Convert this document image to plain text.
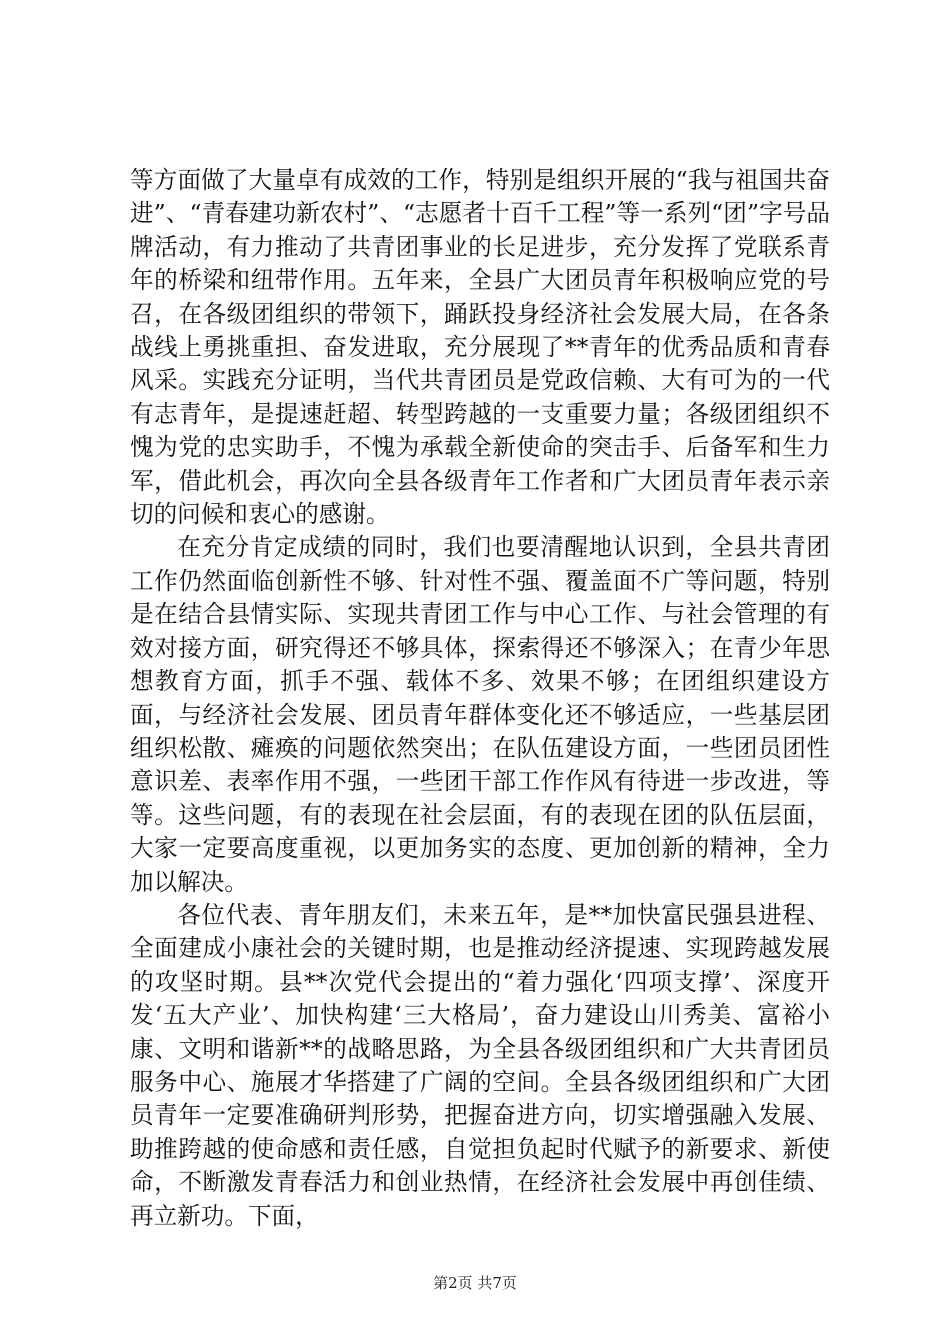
等方面做了大量卓有成效的工作，特别是组织开展的“我与祖国共奋进”、“青春建功新农村”、“志愿者十百千工程”等一系列“团”字号品牌活动，有力推动了共青团事业的长足进步，充分发挥了党联系青年的桥梁和纽带作用。五年来，全县广大团员青年积极响应党的号召，在各级团组织的带领下，踊跃投身经济社会发展大局，在各条战线上勇挑重担、奋发进取，充分展现了**青年的优秀品质和青春风采。实践充分证明，当代共青团员是党政信赖、大有可为的一代有志青年，是提速赶超、转型跨越的一支重要力量；各级团组织不愧为党的忠实助手，不愧为承载全新使命的突击手、后备军和生力军，借此机会，再次向全县各级青年工作者和广大团员青年表示亲切的问候和衷心的感谢。

在充分肯定成绩的同时，我们也要清醒地认识到，全县共青团工作仍然面临创新性不够、针对性不强、覆盖面不广等问题，特别是在结合县情实际、实现共青团工作与中心工作、与社会管理的有效对接方面，研究得还不够具体，探索得还不够深入；在青少年思想教育方面，抓手不强、载体不多、效果不够；在团组织建设方面，与经济社会发展、团员青年群体变化还不够适应，一些基层团组织松散、瘫痪的问题依然突出；在队伍建设方面，一些团员团性意识差、表率作用不强，一些团干部工作作风有待进一步改进，等等。这些问题，有的表现在社会层面，有的表现在团的队伍层面，大家一定要高度重视，以更加务实的态度、更加创新的精神，全力加以解决。

各位代表、青年朋友们，未来五年，是**加快富民强县进程、全面建成小康社会的关键时期，也是推动经济提速、实现跨越发展的攻坚时期。县**次党代会提出的“着力强化‘四项支撑’、深度开发‘五大产业’、加快构建‘三大格局’，奋力建设山川秀美、富裕小康、文明和谐新**的战略思路，为全县各级团组织和广大共青团员服务中心、施展才华搭建了广阔的空间。全县各级团组织和广大团员青年一定要准确研判形势，把握奋进方向，切实增强融入发展、助推跨越的使命感和责任感，自觉担负起时代赋予的新要求、新使命，不断激发青春活力和创业热情，在经济社会发展中再创佳绩、再立新功。下面，

第2页 共7页
